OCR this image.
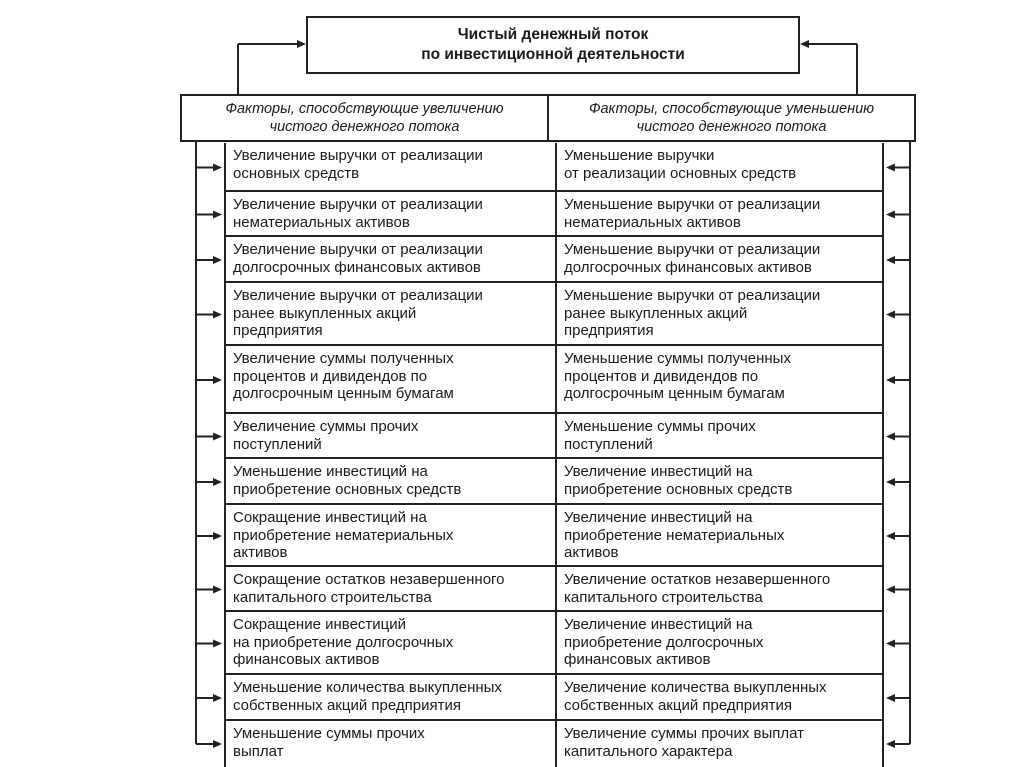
Чистый денежный поток
по инвестиционной деятельности
Факторы, способствующие увеличению
чистого денежного потока
Факторы, способствующие уменьшению
чистого денежного потока
Увеличение выручки от реализации
основных средств
Уменьшение выручки
от реализации основных средств
Увеличение выручки от реализации
нематериальных активов
Уменьшение выручки от реализации
нематериальных активов
Увеличение выручки от реализации
долгосрочных финансовых активов
Уменьшение выручки от реализации
долгосрочных финансовых активов
Увеличение выручки от реализации
ранее выкупленных акций
предприятия
Уменьшение выручки от реализации
ранее выкупленных акций
предприятия
Увеличение суммы полученных
процентов и дивидендов по
долгосрочным ценным бумагам
Уменьшение суммы полученных
процентов и дивидендов по
долгосрочным ценным бумагам
Увеличение суммы прочих
поступлений
Уменьшение суммы прочих
поступлений
Уменьшение инвестиций на
приобретение основных средств
Увеличение инвестиций на
приобретение основных средств
Сокращение инвестиций на
приобретение нематериальных
активов
Увеличение инвестиций на
приобретение нематериальных
активов
Сокращение остатков незавершенного
капитального строительства
Увеличение остатков незавершенного
капитального строительства
Сокращение инвестиций
на приобретение долгосрочных
финансовых активов
Увеличение инвестиций на
приобретение долгосрочных
финансовых активов
Уменьшение количества выкупленных
собственных акций предприятия
Увеличение количества выкупленных
собственных акций предприятия
Уменьшение суммы прочих
выплат
Увеличение суммы прочих выплат
капитального характера
